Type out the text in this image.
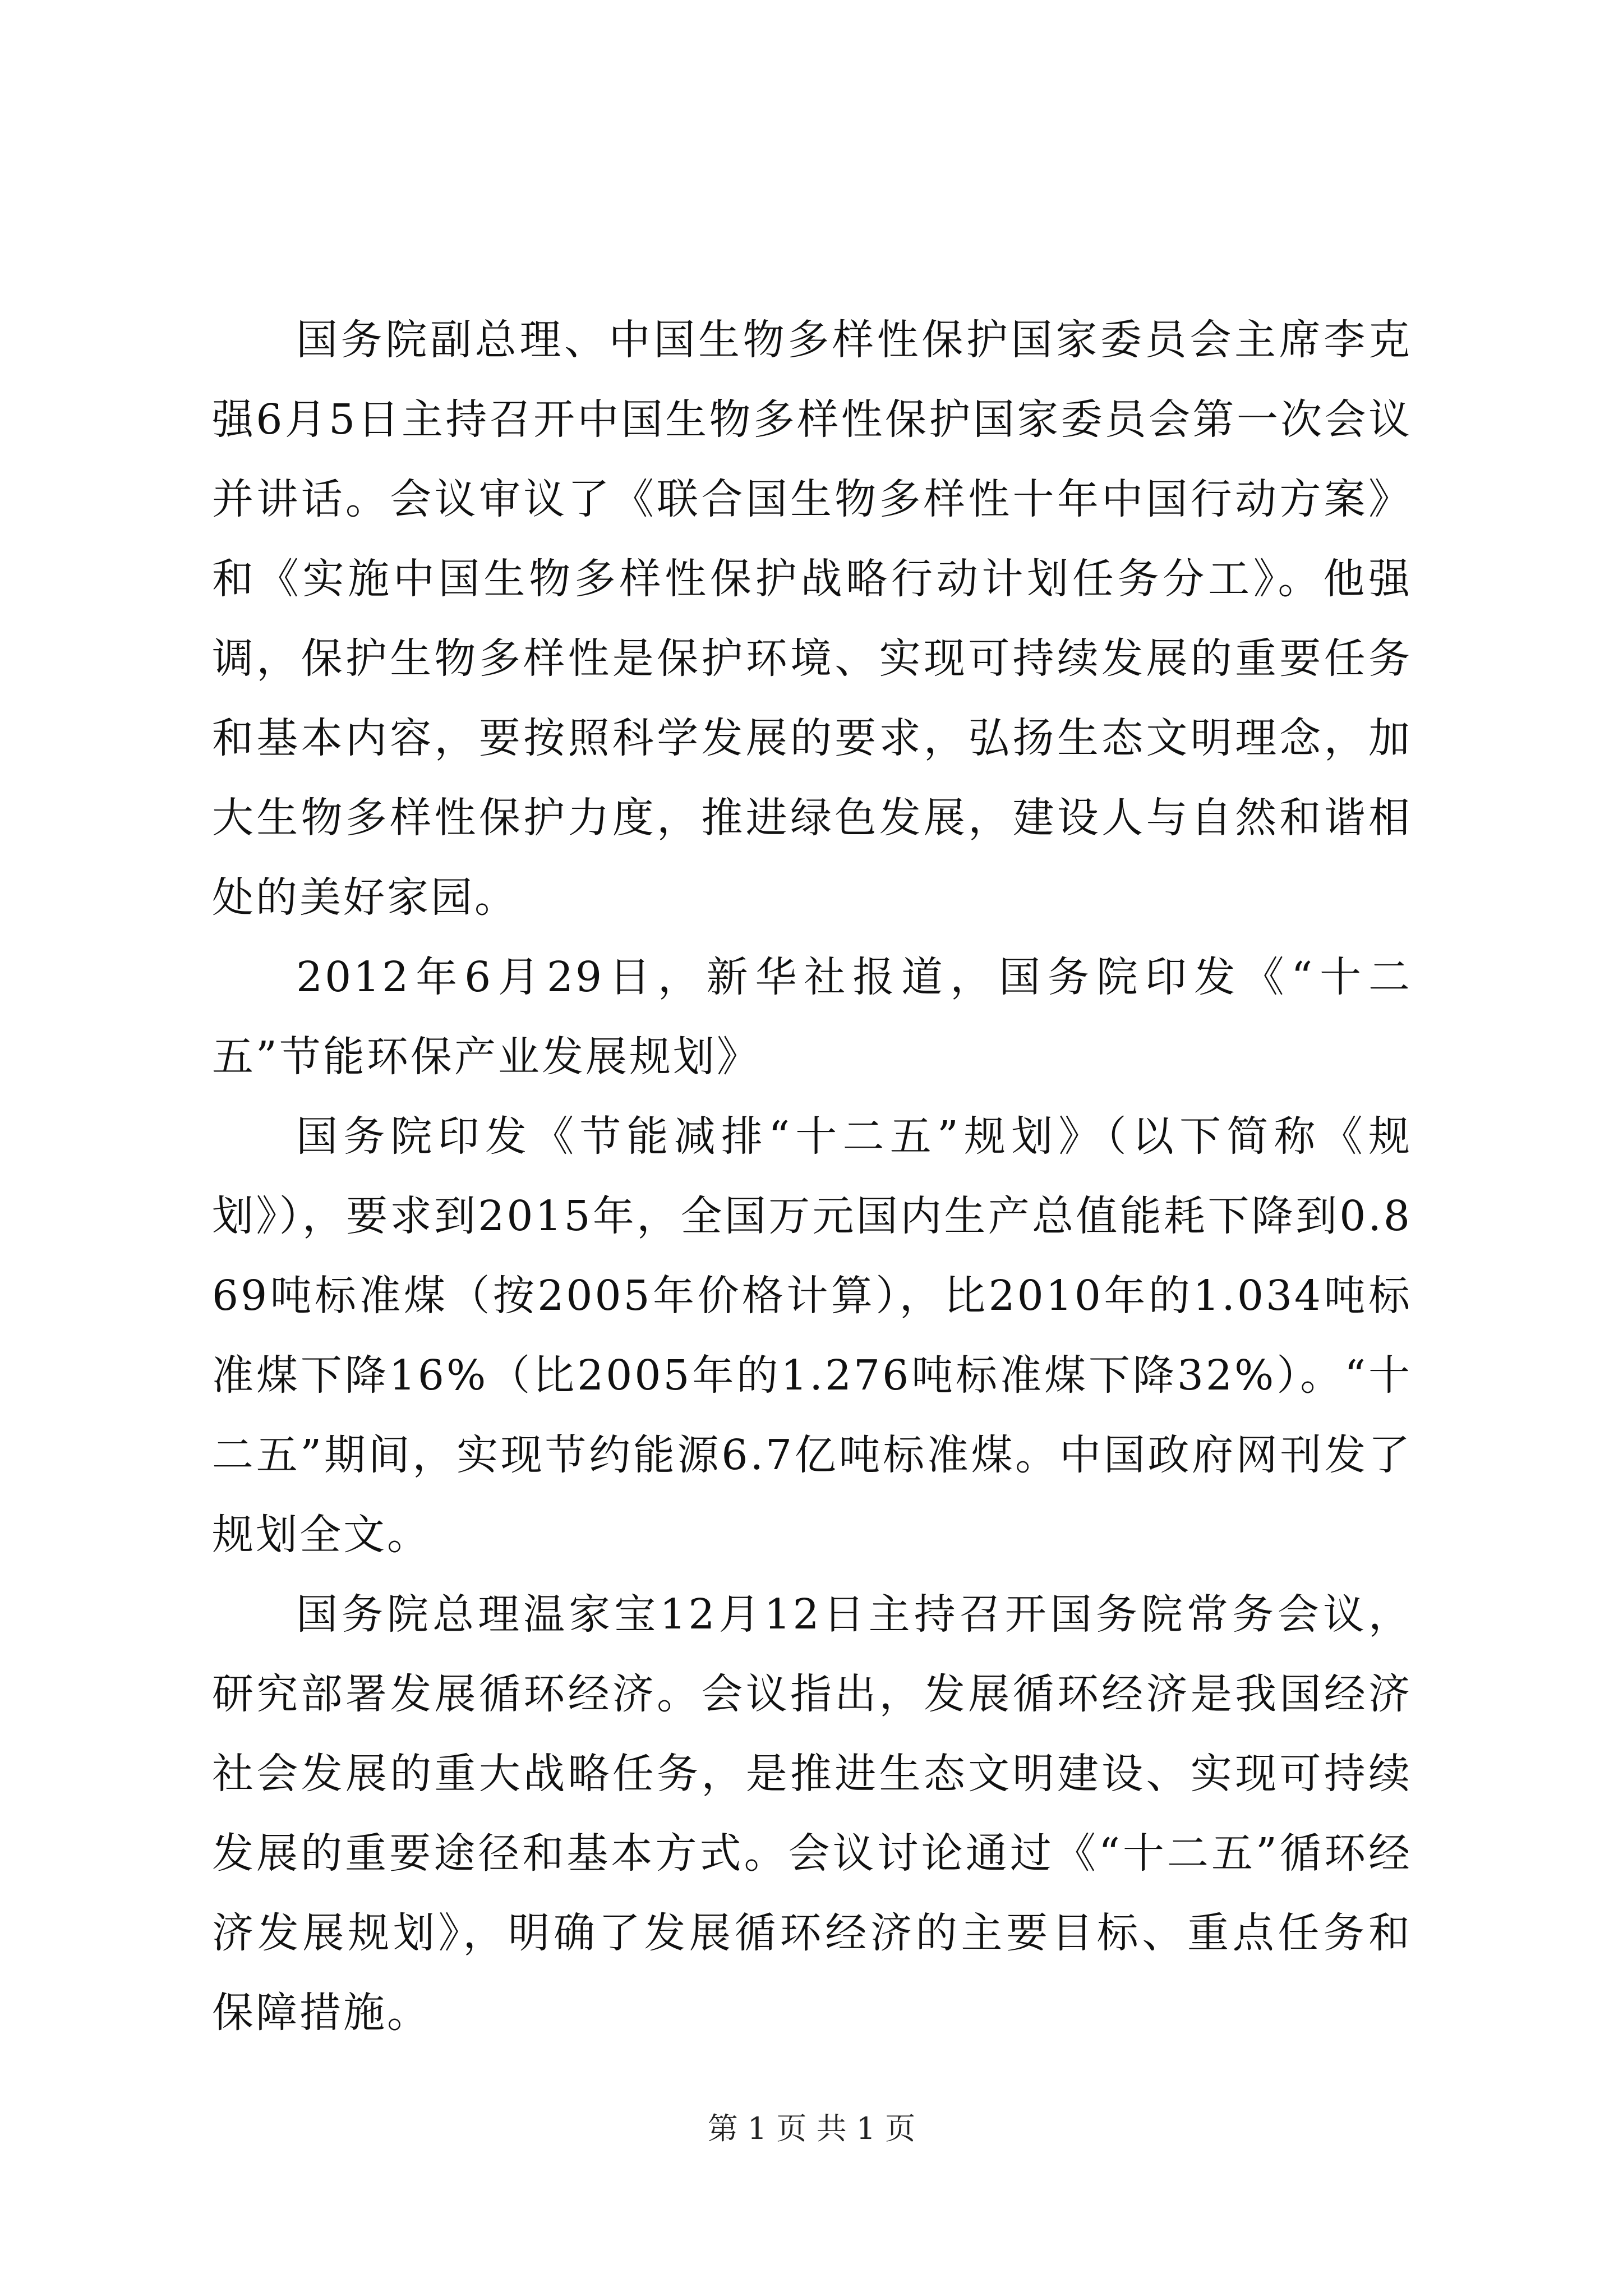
国务院副总理、中国生物多样性保护国家委员会主席李克强6月5日主持召开中国生物多样性保护国家委员会第一次会议并讲话。会议审议了《联合国生物多样性十年中国行动方案》和《实施中国生物多样性保护战略行动计划任务分工》。他强调，保护生物多样性是保护环境、实现可持续发展的重要任务和基本内容，要按照科学发展的要求，弘扬生态文明理念，加大生物多样性保护力度，推进绿色发展，建设人与自然和谐相处的美好家园。

2012年6月29日，新华社报道，国务院印发《“十二五”节能环保产业发展规划》

国务院印发《节能减排“十二五”规划》（以下简称《规划》），要求到2015年，全国万元国内生产总值能耗下降到0.869吨标准煤（按2005年价格计算），比2010年的1.034吨标准煤下降16%（比2005年的1.276吨标准煤下降32%）。“十二五”期间，实现节约能源6.7亿吨标准煤。中国政府网刊发了规划全文。

国务院总理温家宝12月12日主持召开国务院常务会议，研究部署发展循环经济。会议指出，发展循环经济是我国经济社会发展的重大战略任务，是推进生态文明建设、实现可持续发展的重要途径和基本方式。会议讨论通过《“十二五”循环经济发展规划》，明确了发展循环经济的主要目标、重点任务和保障措施。

第 1 页 共 1 页
